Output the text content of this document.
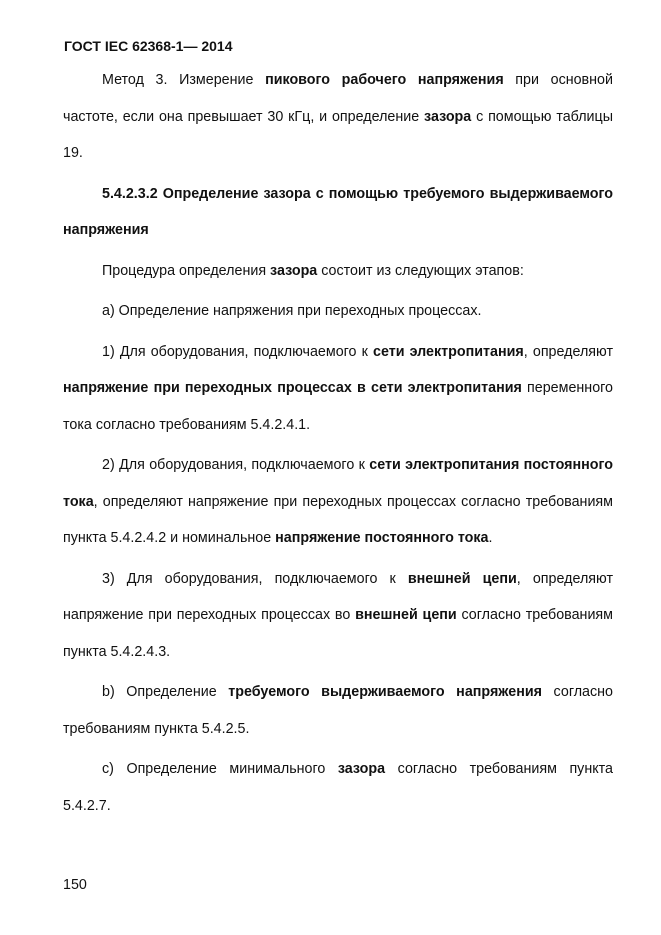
ГОСТ IEC 62368-1— 2014

Метод 3. Измерение пикового рабочего напряжения при основной частоте, если она превышает 30 кГц, и определение зазора с помощью таблицы 19.

5.4.2.3.2 Определение зазора с помощью требуемого выдерживаемого напряжения

Процедура определения зазора состоит из следующих этапов:

a) Определение напряжения при переходных процессах.

1) Для оборудования, подключаемого к сети электропитания, определяют напряжение при переходных процессах в сети электропитания переменного тока согласно требованиям 5.4.2.4.1.

2) Для оборудования, подключаемого к сети электропитания постоянного тока, определяют напряжение при переходных процессах согласно требованиям пункта 5.4.2.4.2 и номинальное напряжение постоянного тока.

3) Для оборудования, подключаемого к внешней цепи, определяют напряжение при переходных процессах во внешней цепи согласно требованиям пункта 5.4.2.4.3.

b) Определение требуемого выдерживаемого напряжения согласно требованиям пункта 5.4.2.5.

c) Определение минимального зазора согласно требованиям пункта 5.4.2.7.

150
